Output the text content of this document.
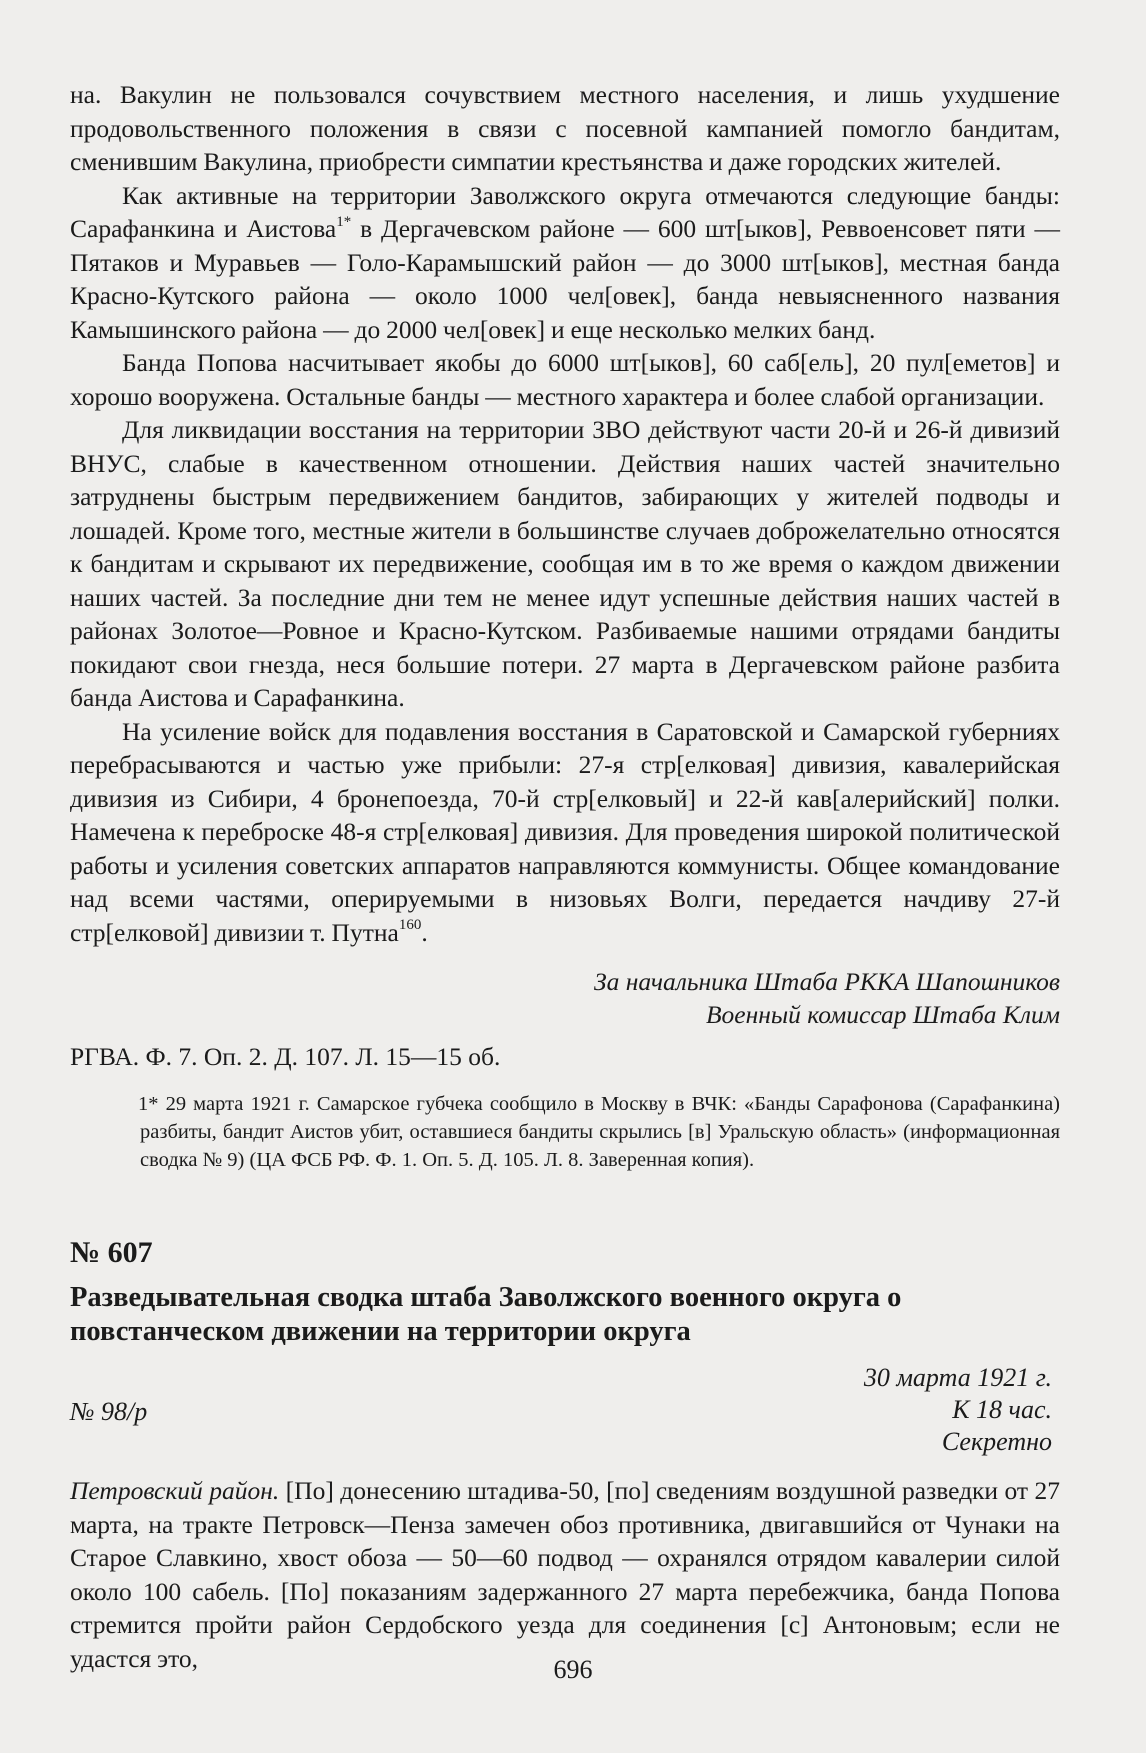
на. Вакулин не пользовался сочувствием местного населения, и лишь ухудшение продовольственного положения в связи с посевной кампанией помогло бандитам, сменившим Вакулина, приобрести симпатии крестьянства и даже городских жителей.

Как активные на территории Заволжского округа отмечаются следующие банды: Сарафанкина и Аистова$^{1*}$ в Дергачевском районе — 600 шт[ыков], Реввоенсовет пяти — Пятаков и Муравьев — Голо-Карамышский район — до 3000 шт[ыков], местная банда Красно-Кутского района — около 1000 чел[овек], банда невыясненного названия Камышинского района — до 2000 чел[овек] и еще несколько мелких банд.

Банда Попова насчитывает якобы до 6000 шт[ыков], 60 саб[ель], 20 пул[еметов] и хорошо вооружена. Остальные банды — местного характера и более слабой организации.

Для ликвидации восстания на территории ЗВО действуют части 20-й и 26-й дивизий ВНУС, слабые в качественном отношении. Действия наших частей значительно затруднены быстрым передвижением бандитов, забирающих у жителей подводы и лошадей. Кроме того, местные жители в большинстве случаев доброжелательно относятся к бандитам и скрывают их передвижение, сообщая им в то же время о каждом движении наших частей. За последние дни тем не менее идут успешные действия наших частей в районах Золотое—Ровное и Красно-Кутском. Разбиваемые нашими отрядами бандиты покидают свои гнезда, неся большие потери. 27 марта в Дергачевском районе разбита банда Аистова и Сарафанкина.

На усиление войск для подавления восстания в Саратовской и Самарской губерниях перебрасываются и частью уже прибыли: 27-я стр[елковая] дивизия, кавалерийская дивизия из Сибири, 4 бронепоезда, 70-й стр[елковый] и 22-й кав[алерийский] полки. Намечена к переброске 48-я стр[елковая] дивизия. Для проведения широкой политической работы и усиления советских аппаратов направляются коммунисты. Общее командование над всеми частями, оперируемыми в низовьях Волги, передается начдиву 27-й стр[елковой] дивизии т. Путна$^{160}$.

За начальника Штаба РККА Шапошников

Военный комиссар Штаба Клим

РГВА. Ф. 7. Оп. 2. Д. 107. Л. 15—15 об.

1* 29 марта 1921 г. Самарское губчека сообщило в Москву в ВЧК: «Банды Сарафонова (Сарафанкина) разбиты, бандит Аистов убит, оставшиеся бандиты скрылись [в] Уральскую область» (информационная сводка № 9) (ЦА ФСБ РФ. Ф. 1. Оп. 5. Д. 105. Л. 8. Заверенная копия).

№ 607

Разведывательная сводка штаба Заволжского военного округа о повстанческом движении на территории округа

№ 98/р
30 марта 1921 г.
К 18 час.
Секретно

Петровский район. [По] донесению штадива-50, [по] сведениям воздушной разведки от 27 марта, на тракте Петровск—Пенза замечен обоз противника, двигавшийся от Чунаки на Старое Славкино, хвост обоза — 50—60 подвод — охранялся отрядом кавалерии силой около 100 сабель. [По] показаниям задержанного 27 марта перебежчика, банда Попова стремится пройти район Сердобского уезда для соединения [с] Антоновым; если не удастся это,	696
